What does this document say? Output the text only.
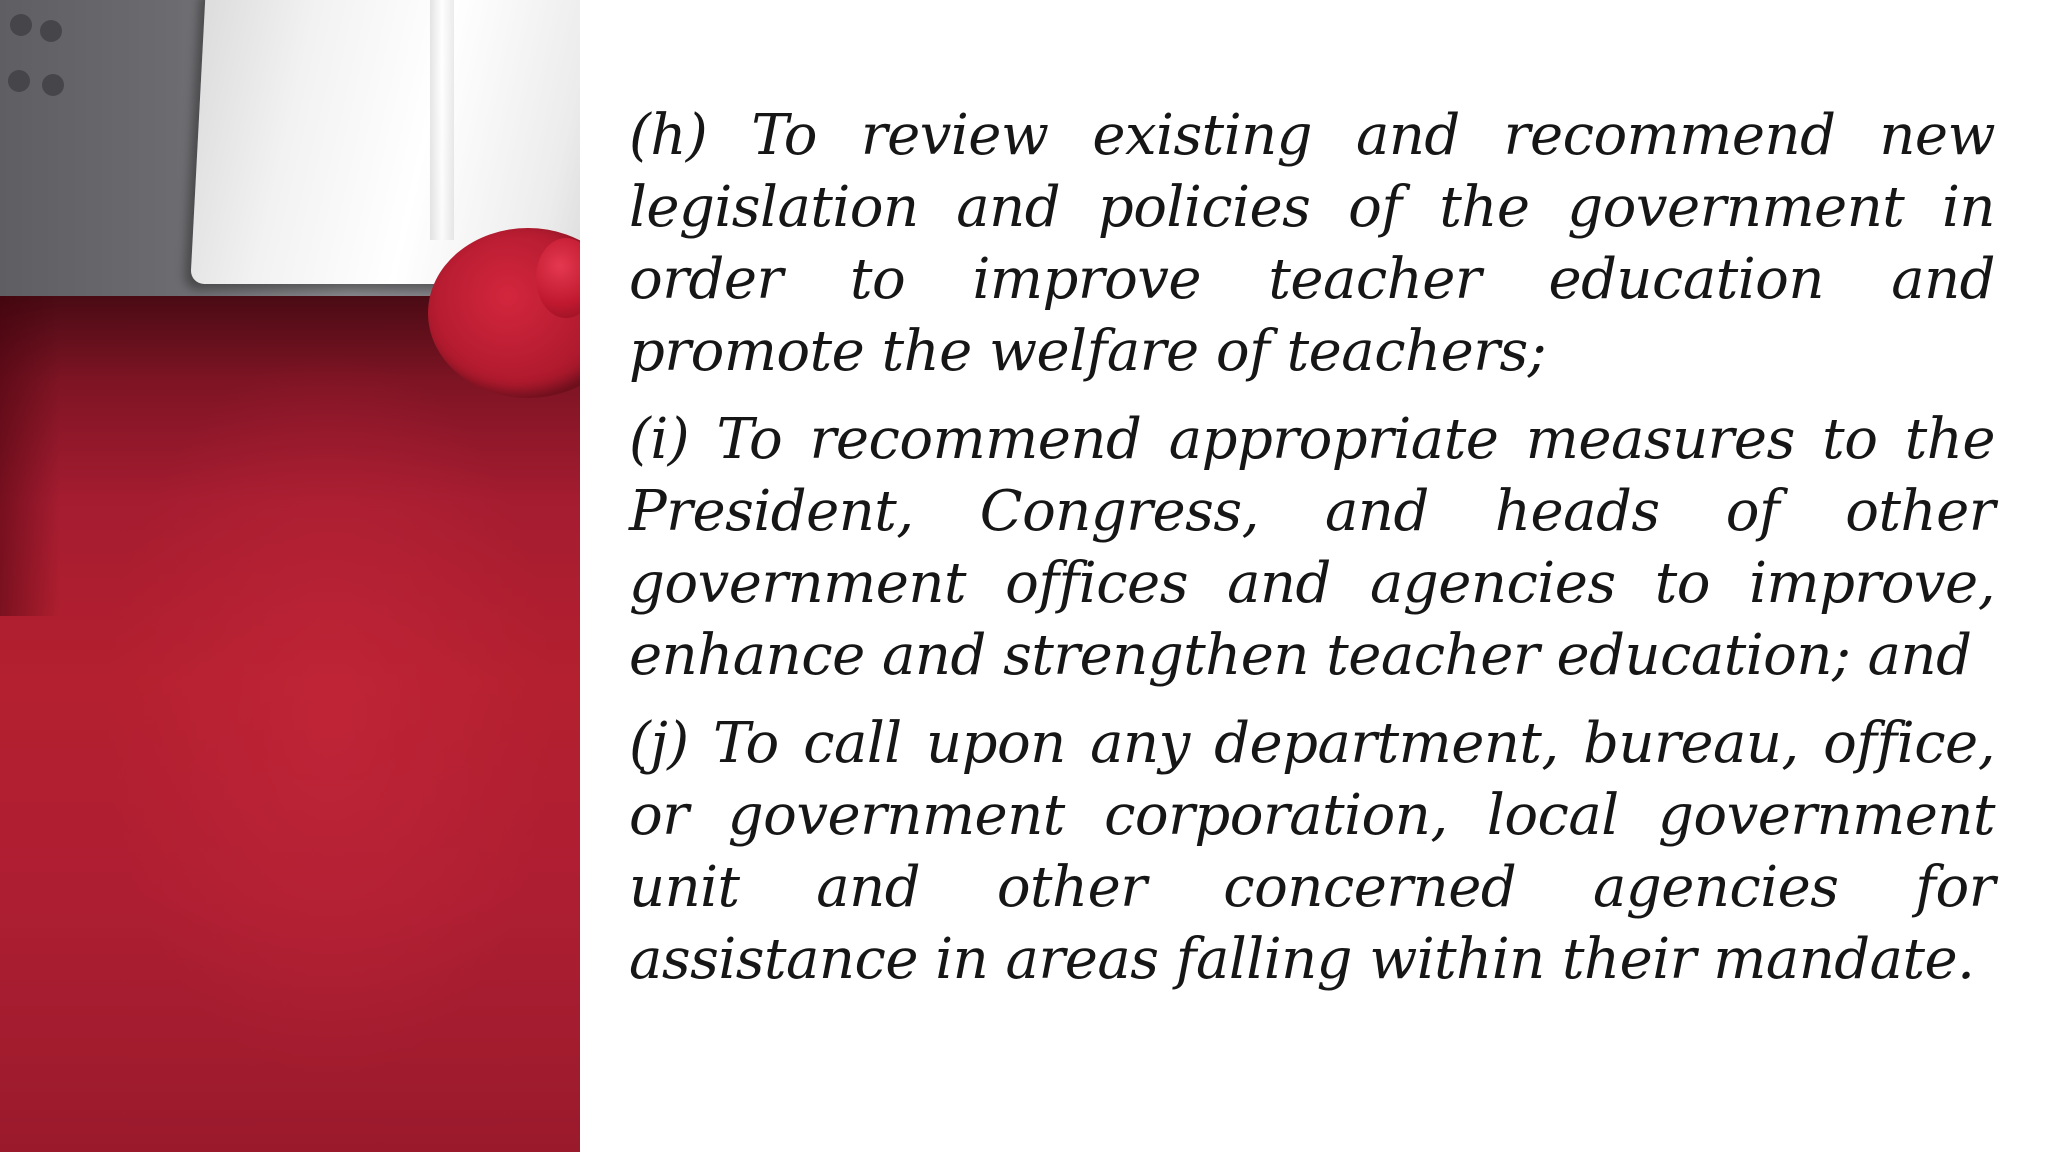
(h) To review existing and recommend new legislation and policies of the government in order to improve teacher education and promote the welfare of teachers;

(i) To recommend appropriate measures to the President, Congress, and heads of other government offices and agencies to improve, enhance and strengthen teacher education; and

(j) To call upon any department, bureau, office, or government corporation, local government unit and other concerned agencies for assistance in areas falling within their mandate.
